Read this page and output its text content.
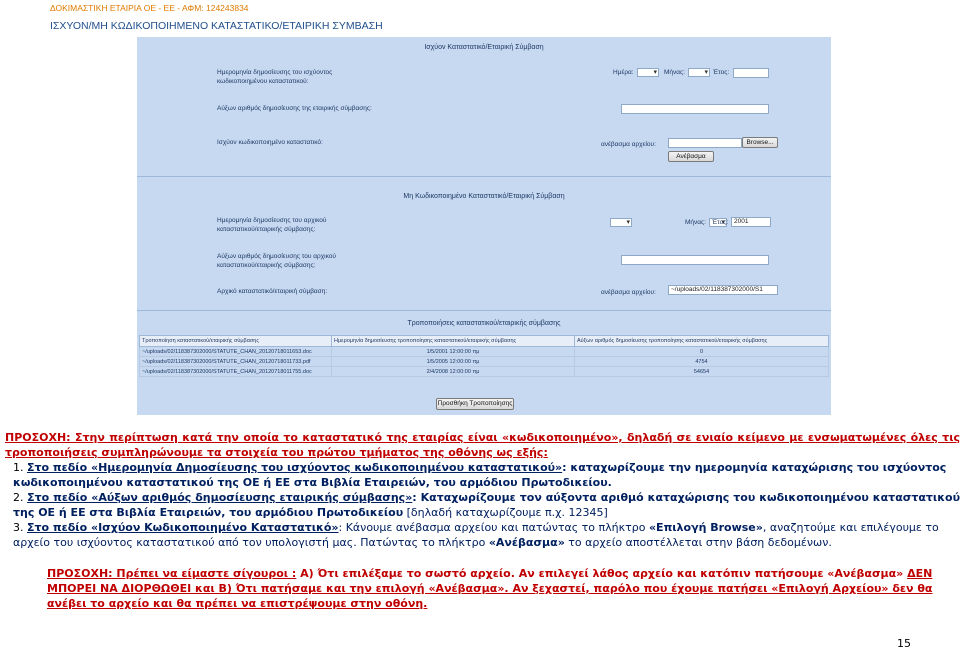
ΔΟΚΙΜΑΣΤΙΚΗ ΕΤΑΙΡΙΑ ΟΕ - ΕΕ - ΑΦΜ: 124243834
ΙΣΧΥΟΝ/ΜΗ ΚΩΔΙΚΟΠΟΙΗΜΕΝΟ ΚΑΤΑΣΤΑΤΙΚΟ/ΕΤΑΙΡΙΚΗ ΣΥΜΒΑΣΗ
Ισχύον Καταστατικό/Εταιρική Σύμβαση
Ημερομηνία δημοσίευσης του ισχύοντος κωδικοποιημένου καταστατικού:
Ημέρα: ▾	Μήνας: ▾	Έτος:
Αύξων αριθμός δημοσίευσης της εταιρικής σύμβασης:
Ισχύον κωδικοποιημένο καταστατικό:	ανέβασμα αρχείου:	Browse...
Ανέβασμα
Μη Κωδικοποιημένο Καταστατικό/Εταιρική Σύμβαση
Ημερομηνία δημοσίευσης του αρχικού καταστατικού/εταιρικής σύμβασης:
▾
Μήνας: ▾ Έτος: 2001
Αύξων αριθμός δημοσίευσης του αρχικού καταστατικού/εταιρικής σύμβασης:
Αρχικό καταστατικό/εταιρική σύμβαση:	ανέβασμα αρχείου:	~/uploads/02/118387302000/S1
Τροποποιήσεις καταστατικού/εταιρικής σύμβασης
Τροποποίηση καταστατικού/εταιρικής σύμβασης	Ημερομηνία δημοσίευσης τροποποίησης καταστατικού/εταιρικής σύμβασης	Αύξων αριθμός δημοσίευσης τροποποίησης καταστατικού/εταιρικής σύμβασης
~/uploads/02/118387302000/STATUTE_CHAN_20120718011653.doc	1/5/2001 12:00:00 πμ	0
~/uploads/02/118387302000/STATUTE_CHAN_20120718011733.pdf	1/5/2005 12:00:00 πμ	4754
~/uploads/02/118387302000/STATUTE_CHAN_20120718011755.doc	2/4/2008 12:00:00 πμ	54654
Προσθήκη Τροποποίησης
ΠΡΟΣΟΧΗ: Στην περίπτωση κατά την οποία το καταστατικό της εταιρίας είναι «κωδικοποιημένο», δηλαδή σε ενιαίο κείμενο με ενσωματωμένες όλες τις τροποποιήσεις συμπληρώνουμε τα στοιχεία του πρώτου τμήματος της οθόνης ως εξής:
1. Στο πεδίο «Ημερομηνία Δημοσίευσης του ισχύοντος κωδικοποιημένου καταστατικού»: καταχωρίζουμε την ημερομηνία καταχώρισης του ισχύοντος κωδικοποιημένου καταστατικού της ΟΕ ή ΕΕ στα Βιβλία Εταιρειών, του αρμόδιου Πρωτοδικείου.
2. Στο πεδίο «Αύξων αριθμός δημοσίευσης εταιρικής σύμβασης»: Καταχωρίζουμε τον αύξοντα αριθμό καταχώρισης του κωδικοποιημένου καταστατικού της ΟΕ ή ΕΕ στα Βιβλία Εταιρειών, του αρμόδιου Πρωτοδικείου [δηλαδή καταχωρίζουμε π.χ. 12345]
3. Στο πεδίο «Ισχύον Κωδικοποιημένο Καταστατικό»: Κάνουμε ανέβασμα αρχείου και πατώντας το πλήκτρο «Επιλογή Browse», αναζητούμε και επιλέγουμε το αρχείο του ισχύοντος καταστατικού από τον υπολογιστή μας. Πατώντας το πλήκτρο «Ανέβασμα» το αρχείο αποστέλλεται στην βάση δεδομένων.
ΠΡΟΣΟΧΗ: Πρέπει να είμαστε σίγουροι : Α) Ότι επιλέξαμε το σωστό αρχείο. Αν επιλεγεί λάθος αρχείο και κατόπιν πατήσουμε «Ανέβασμα» ΔΕΝ ΜΠΟΡΕΙ ΝΑ ΔΙΟΡΘΩΘΕΙ και Β) Ότι πατήσαμε και την επιλογή «Ανέβασμα». Αν ξεχαστεί, παρόλο που έχουμε πατήσει «Επιλογή Αρχείου» δεν θα ανέβει το αρχείο και θα πρέπει να επιστρέψουμε στην οθόνη.
15
